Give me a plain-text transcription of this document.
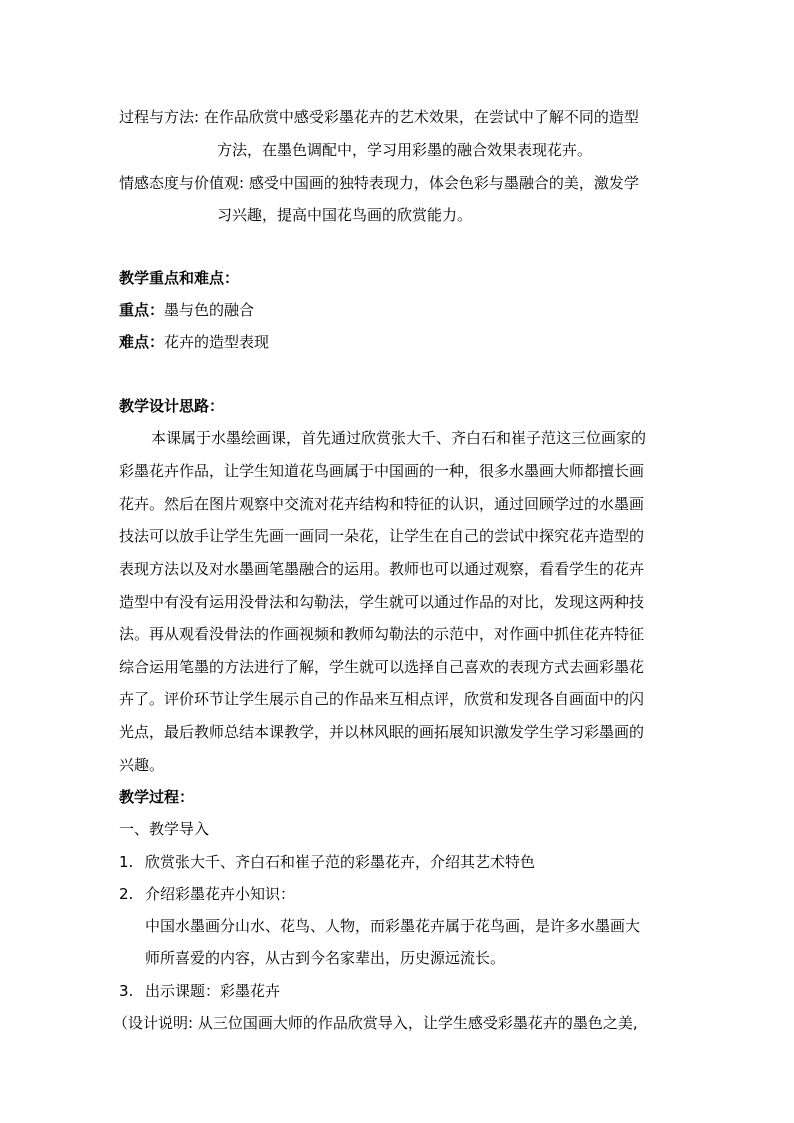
过程与方法: 在作品欣赏中感受彩墨花卉的艺术效果，在尝试中了解不同的造型
方法，在墨色调配中，学习用彩墨的融合效果表现花卉。
情感态度与价值观: 感受中国画的独特表现力，体会色彩与墨融合的美，激发学
习兴趣，提高中国花鸟画的欣赏能力。
教学重点和难点：
重点：墨与色的融合
难点：花卉的造型表现
教学设计思路：
本课属于水墨绘画课，首先通过欣赏张大千、齐白石和崔子范这三位画家的
彩墨花卉作品，让学生知道花鸟画属于中国画的一种，很多水墨画大师都擅长画
花卉。然后在图片观察中交流对花卉结构和特征的认识，通过回顾学过的水墨画
技法可以放手让学生先画一画同一朵花，让学生在自己的尝试中探究花卉造型的
表现方法以及对水墨画笔墨融合的运用。教师也可以通过观察，看看学生的花卉
造型中有没有运用没骨法和勾勒法，学生就可以通过作品的对比，发现这两种技
法。再从观看没骨法的作画视频和教师勾勒法的示范中，对作画中抓住花卉特征
综合运用笔墨的方法进行了解，学生就可以选择自己喜欢的表现方式去画彩墨花
卉了。评价环节让学生展示自己的作品来互相点评，欣赏和发现各自画面中的闪
光点，最后教师总结本课教学，并以林风眠的画拓展知识激发学生学习彩墨画的
兴趣。
教学过程：
一、教学导入
1. 欣赏张大千、齐白石和崔子范的彩墨花卉，介绍其艺术特色
2. 介绍彩墨花卉小知识：
中国水墨画分山水、花鸟、人物，而彩墨花卉属于花鸟画，是许多水墨画大
师所喜爱的内容，从古到今名家辈出，历史源远流长。
3. 出示课题：彩墨花卉
（设计说明: 从三位国画大师的作品欣赏导入，让学生感受彩墨花卉的墨色之美,
